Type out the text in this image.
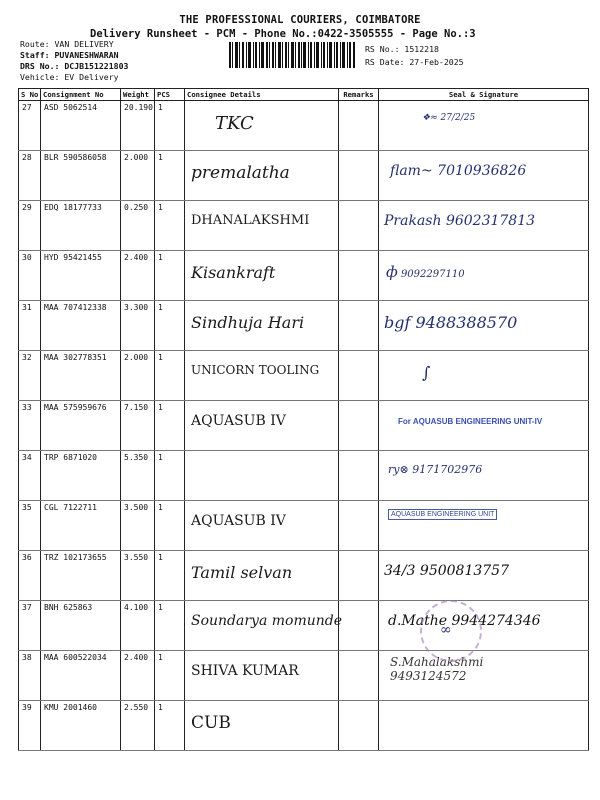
THE PROFESSIONAL COURIERS, COIMBATORE
Delivery Runsheet - PCM - Phone No.:0422-3505555 - Page No.:3
Route: VAN DELIVERY
Staff: PUVANESHWARAN
DRS No.: DCJB151221803
Vehicle: EV Delivery
RS No.: 1512218
RS Date: 27-Feb-2025
S No	Consignment No	Weight	PCS	Consignee Details	Remarks	Seal & Signature
27	ASD 5062514	20.190	1	TKC		❖≈ 27/2/25
28	BLR 590586058	2.000	1	premalatha		flam~ 7010936826
29	EDQ 18177733	0.250	1	DHANALAKSHMI		Prakash 9602317813
30	HYD 95421455	2.400	1	Kisankraft		ф 9092297110
31	MAA 707412338	3.300	1	Sindhuja Hari		bgf 9488388570
32	MAA 302778351	2.000	1	UNICORN TOOLING		∫
33	MAA 575959676	7.150	1	AQUASUB IV		For AQUASUB ENGINEERING UNIT-IV
34	TRP 6871020	5.350	1			ry⊗ 9171702976
35	CGL 7122711	3.500	1	AQUASUB IV		AQUASUB ENGINEERING UNIT
36	TRZ 102173655	3.550	1	Tamil selvan		34/3 9500813757
37	BNH 625863	4.100	1	Soundarya momunde		d.Mathe 9944274346
38	MAA 600522034	2.400	1	SHIVA KUMAR		S.Mahalakshmi
9493124572
39	KMU 2001460	2.550	1	CUB		
∞
